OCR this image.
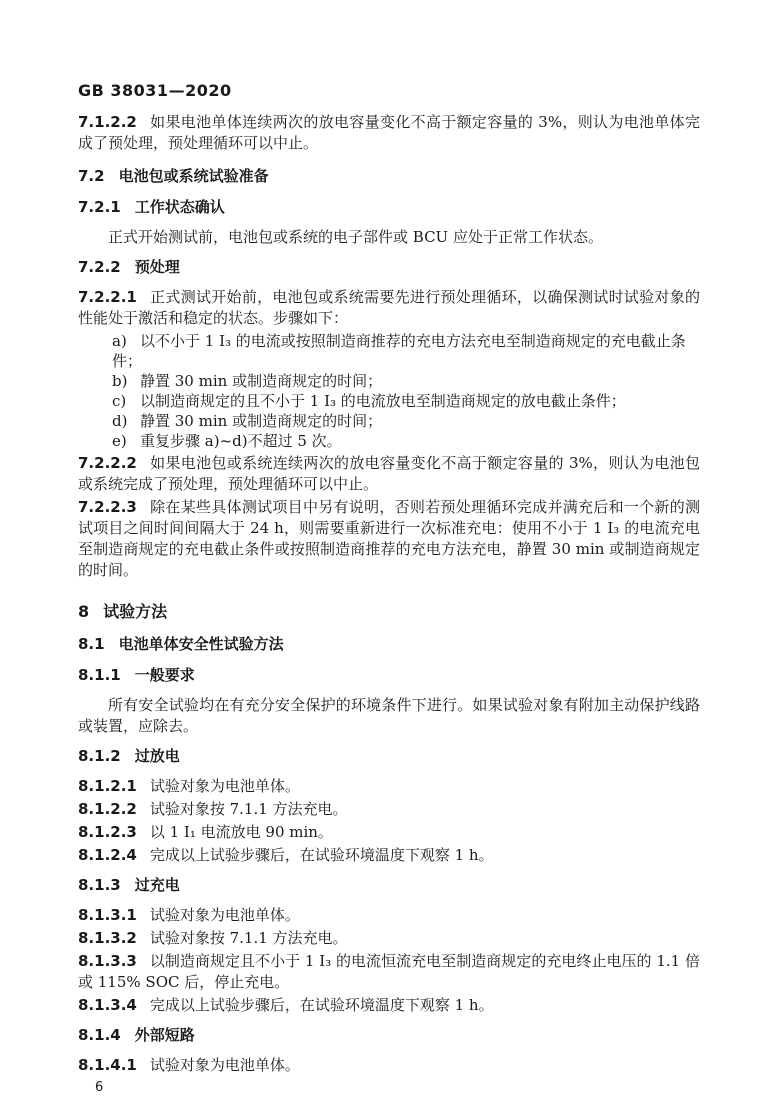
GB 38031—2020

7.1.2.2 如果电池单体连续两次的放电容量变化不高于额定容量的 3%，则认为电池单体完成了预处理，预处理循环可以中止。

7.2 电池包或系统试验准备
7.2.1 工作状态确认

正式开始测试前，电池包或系统的电子部件或 BCU 应处于正常工作状态。

7.2.2 预处理

7.2.2.1 正式测试开始前，电池包或系统需要先进行预处理循环，以确保测试时试验对象的性能处于激活和稳定的状态。步骤如下：

a) 以不小于 1 I₃ 的电流或按照制造商推荐的充电方法充电至制造商规定的充电截止条件；
b) 静置 30 min 或制造商规定的时间；
c) 以制造商规定的且不小于 1 I₃ 的电流放电至制造商规定的放电截止条件；
d) 静置 30 min 或制造商规定的时间；
e) 重复步骤 a)~d)不超过 5 次。

7.2.2.2 如果电池包或系统连续两次的放电容量变化不高于额定容量的 3%，则认为电池包或系统完成了预处理，预处理循环可以中止。

7.2.2.3 除在某些具体测试项目中另有说明，否则若预处理循环完成并满充后和一个新的测试项目之间时间间隔大于 24 h，则需要重新进行一次标准充电：使用不小于 1 I₃ 的电流充电至制造商规定的充电截止条件或按照制造商推荐的充电方法充电，静置 30 min 或制造商规定的时间。

8 试验方法
8.1 电池单体安全性试验方法
8.1.1 一般要求

所有安全试验均在有充分安全保护的环境条件下进行。如果试验对象有附加主动保护线路或装置，应除去。

8.1.2 过放电

8.1.2.1 试验对象为电池单体。

8.1.2.2 试验对象按 7.1.1 方法充电。

8.1.2.3 以 1 I₁ 电流放电 90 min。

8.1.2.4 完成以上试验步骤后，在试验环境温度下观察 1 h。

8.1.3 过充电

8.1.3.1 试验对象为电池单体。

8.1.3.2 试验对象按 7.1.1 方法充电。

8.1.3.3 以制造商规定且不小于 1 I₃ 的电流恒流充电至制造商规定的充电终止电压的 1.1 倍或 115% SOC 后，停止充电。

8.1.3.4 完成以上试验步骤后，在试验环境温度下观察 1 h。

8.1.4 外部短路

8.1.4.1 试验对象为电池单体。

6
